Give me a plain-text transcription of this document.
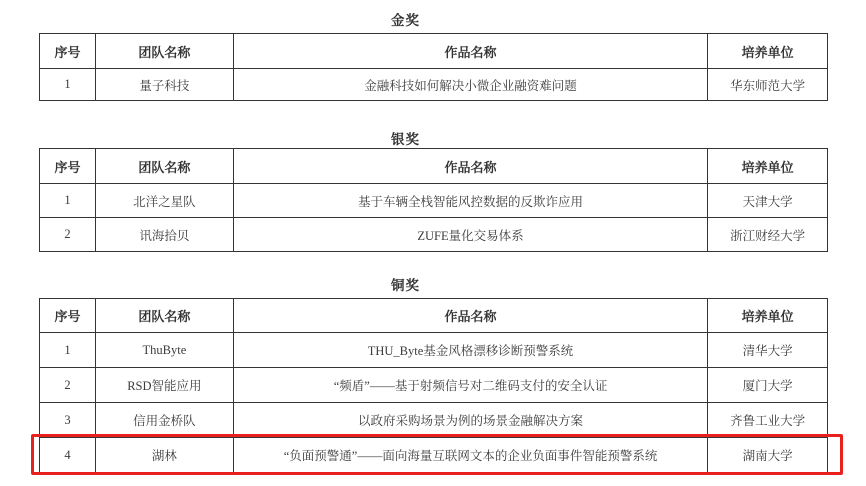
金奖
序号	团队名称	作品名称	培养单位
1	量子科技	金融科技如何解决小微企业融资难问题	华东师范大学
银奖
序号	团队名称	作品名称	培养单位
1	北洋之星队	基于车辆全栈智能风控数据的反欺诈应用	天津大学
2	讯海拾贝	ZUFE量化交易体系	浙江财经大学
铜奖
序号	团队名称	作品名称	培养单位
1	ThuByte	THU_Byte基金风格漂移诊断预警系统	清华大学
2	RSD智能应用	“频盾”——基于射频信号对二维码支付的安全认证	厦门大学
3	信用金桥队	以政府采购场景为例的场景金融解决方案	齐鲁工业大学
4	湖林	“负面预警通”——面向海量互联网文本的企业负面事件智能预警系统	湖南大学
